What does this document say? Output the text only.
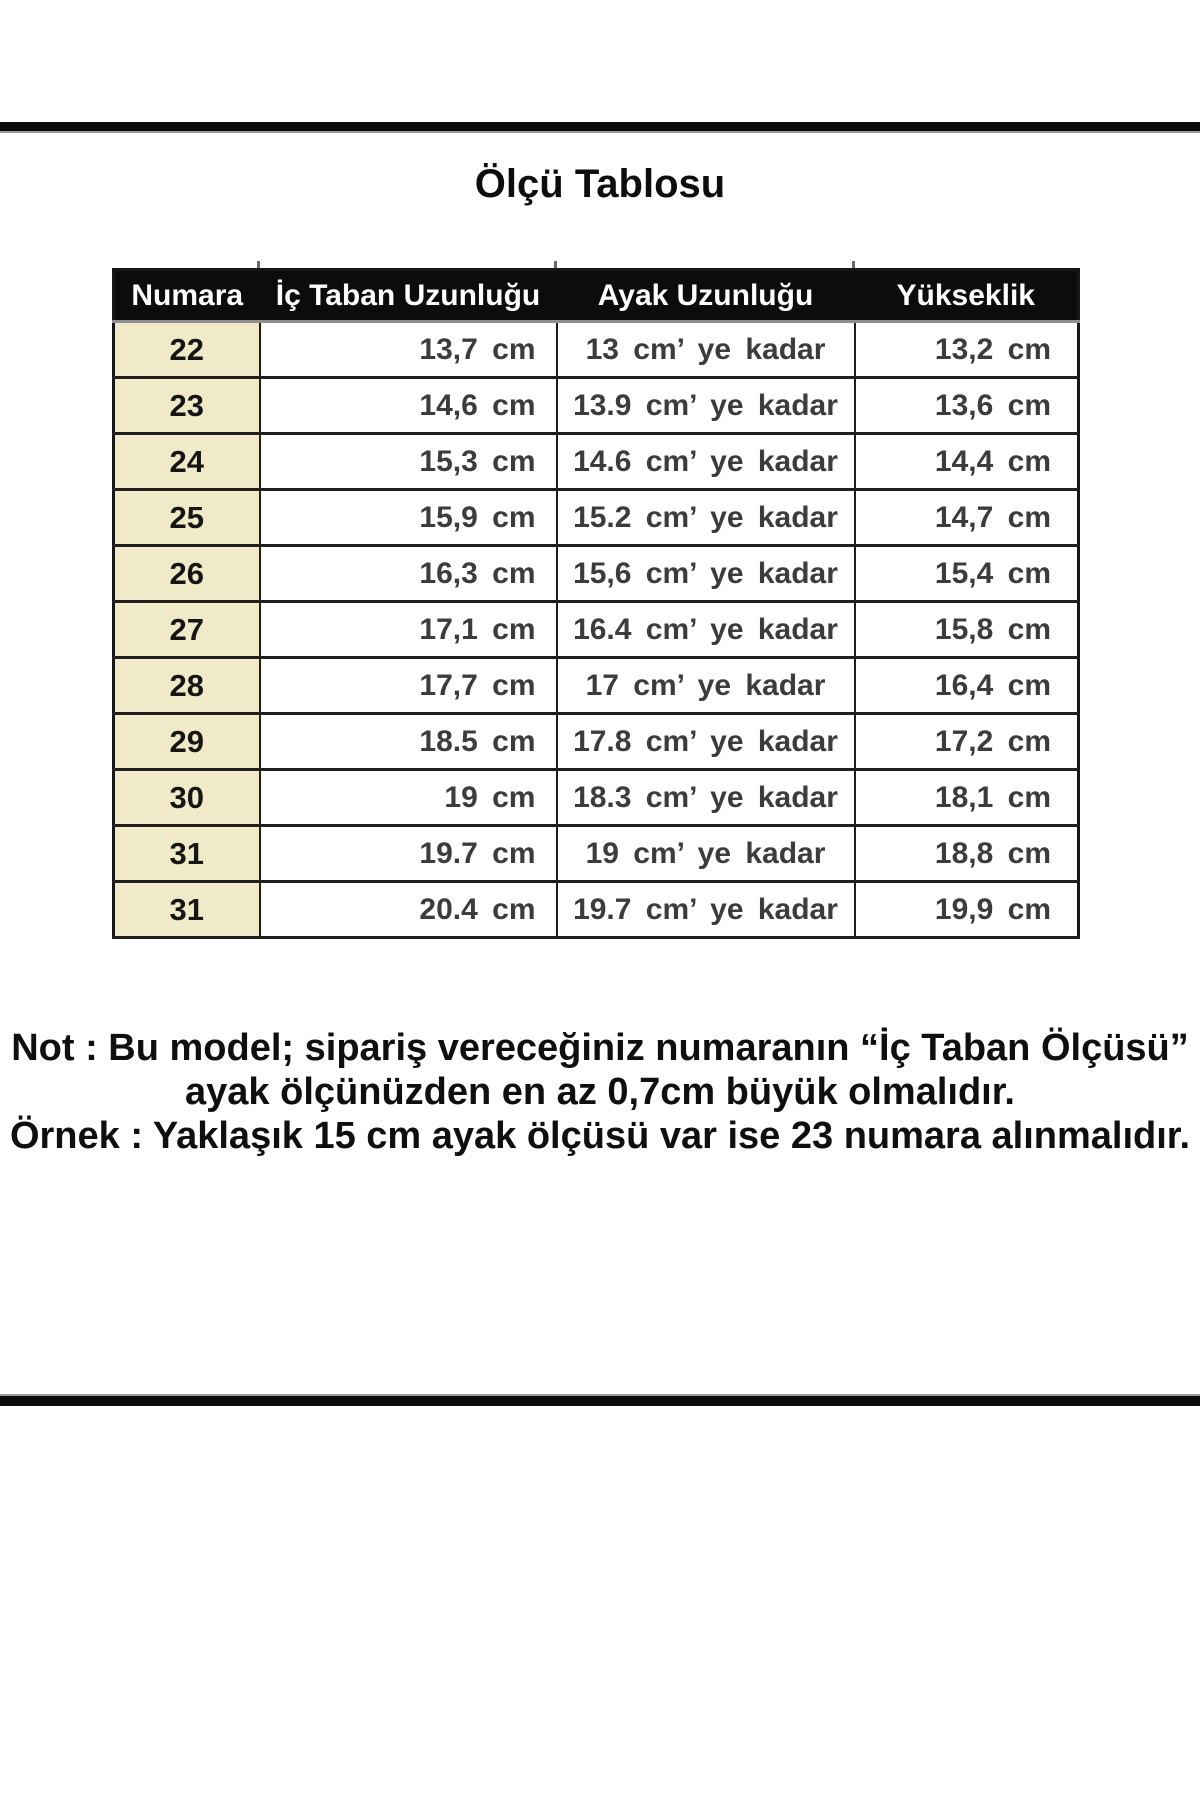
Ölçü Tablosu
Numara	İç Taban Uzunluğu	Ayak Uzunluğu	Yükseklik
22	13,7 cm	13 cm’ ye kadar	13,2 cm
23	14,6 cm	13.9 cm’ ye kadar	13,6 cm
24	15,3 cm	14.6 cm’ ye kadar	14,4 cm
25	15,9 cm	15.2 cm’ ye kadar	14,7 cm
26	16,3 cm	15,6 cm’ ye kadar	15,4 cm
27	17,1 cm	16.4 cm’ ye kadar	15,8 cm
28	17,7 cm	17 cm’ ye kadar	16,4 cm
29	18.5 cm	17.8 cm’ ye kadar	17,2 cm
30	19 cm	18.3 cm’ ye kadar	18,1 cm
31	19.7 cm	19 cm’ ye kadar	18,8 cm
31	20.4 cm	19.7 cm’ ye kadar	19,9 cm
Not : Bu model; sipariş vereceğiniz numaranın “İç Taban Ölçüsü”
ayak ölçünüzden en az 0,7cm büyük olmalıdır.
Örnek : Yaklaşık 15 cm ayak ölçüsü var ise 23 numara alınmalıdır.
